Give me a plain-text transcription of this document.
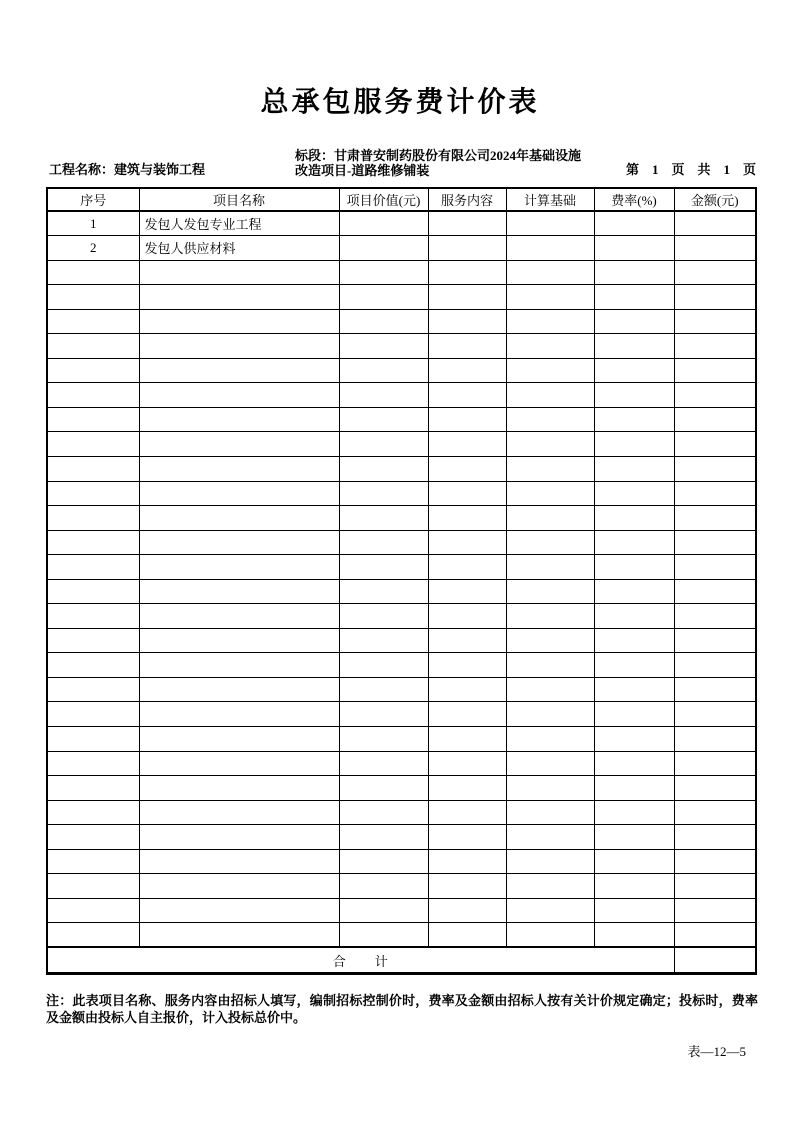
总承包服务费计价表
工程名称：建筑与装饰工程
标段：甘肃普安制药股份有限公司2024年基础设施
改造项目-道路维修铺装	第　1　页　共　1　页
序号	项目名称	项目价值(元)	服务内容	计算基础	费率(%)	金额(元)
1	发包人发包专业工程					
2	发包人供应材料					

合　　计						
注：此表项目名称、服务内容由招标人填写，编制招标控制价时，费率及金额由招标人按有关计价规定确定；投标时，费率及金额由投标人自主报价，计入投标总价中。
表—12—5
